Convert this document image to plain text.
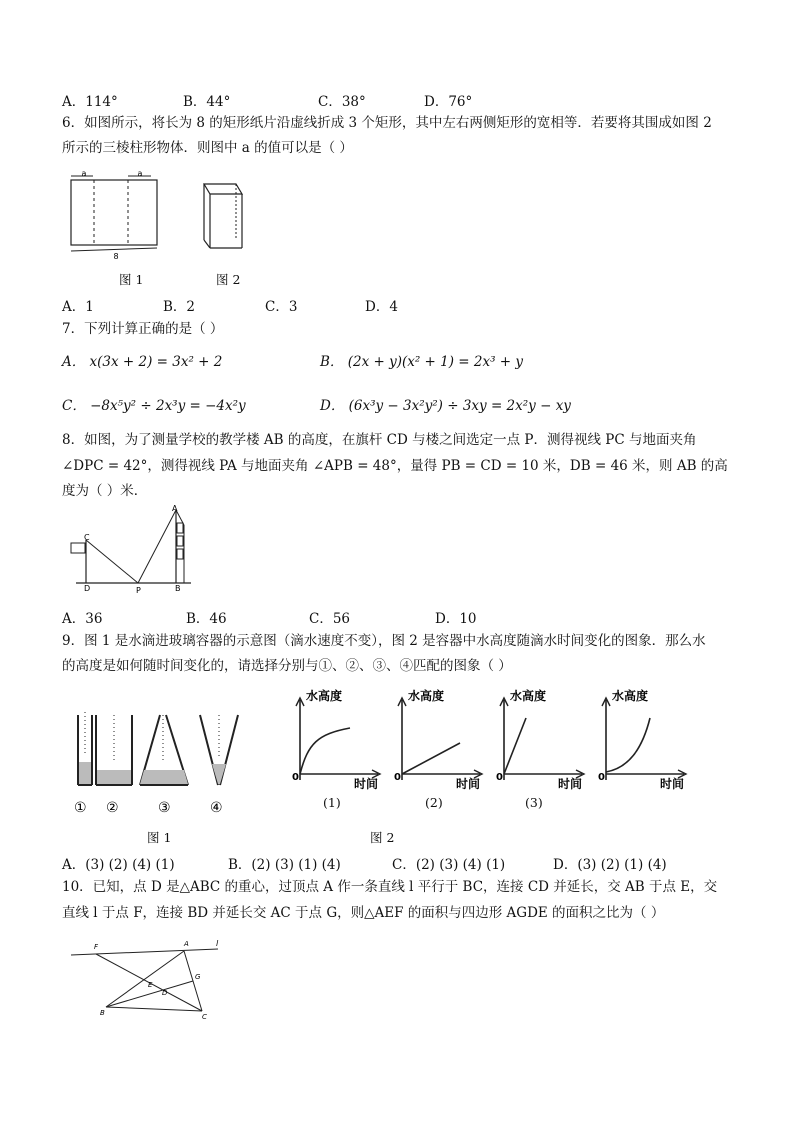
A．114°	B．44°	C．38°	D．76°
6．如图所示，将长为 8 的矩形纸片沿虚线折成 3 个矩形，其中左右两侧矩形的宽相等．若要将其围成如图 2
所示的三棱柱形物体．则图中 a 的值可以是（ ）
a	a
8
图 1	图 2
A．1	B．2	C．3	D．4
7．下列计算正确的是（ ）
A． x(3x + 2) = 3x² + 2	B． (2x + y)(x² + 1) = 2x³ + y
C． −8x⁵y² ÷ 2x³y = −4x²y	D． (6x³y − 3x²y²) ÷ 3xy = 2x²y − xy
8．如图，为了测量学校的教学楼 AB 的高度，在旗杆 CD 与楼之间选定一点 P．测得视线 PC 与地面夹角
∠DPC = 42°，测得视线 PA 与地面夹角 ∠APB = 48°，量得 PB = CD = 10 米，DB = 46 米，则 AB 的高
度为（ ）米．
C
D	P
A
B
A．36	B．46	C．56	D．10
9．图 1 是水滴进玻璃容器的示意图（滴水速度不变），图 2 是容器中水高度随滴水时间变化的图象．那么水
的高度是如何随时间变化的，请选择分别与①、②、③、④匹配的图象（ ）
① ②	③	④
水高度
0	时间
水高度
0	时间
水高度
0	时间
水高度
0	时间
(1)	(2)	(3)
图 1	图 2
A．(3) (2) (4) (1)	B．(2) (3) (1) (4)	C．(2) (3) (4) (1)	D．(3) (2) (1) (4)
10．已知，点 D 是△ABC 的重心，过顶点 A 作一条直线 l 平行于 BC，连接 CD 并延长，交 AB 于点 E，交
直线 l 于点 F，连接 BD 并延长交 AC 于点 G，则△AEF 的面积与四边形 AGDE 的面积之比为（ ）
F	A	l
G
E
D
B	C
